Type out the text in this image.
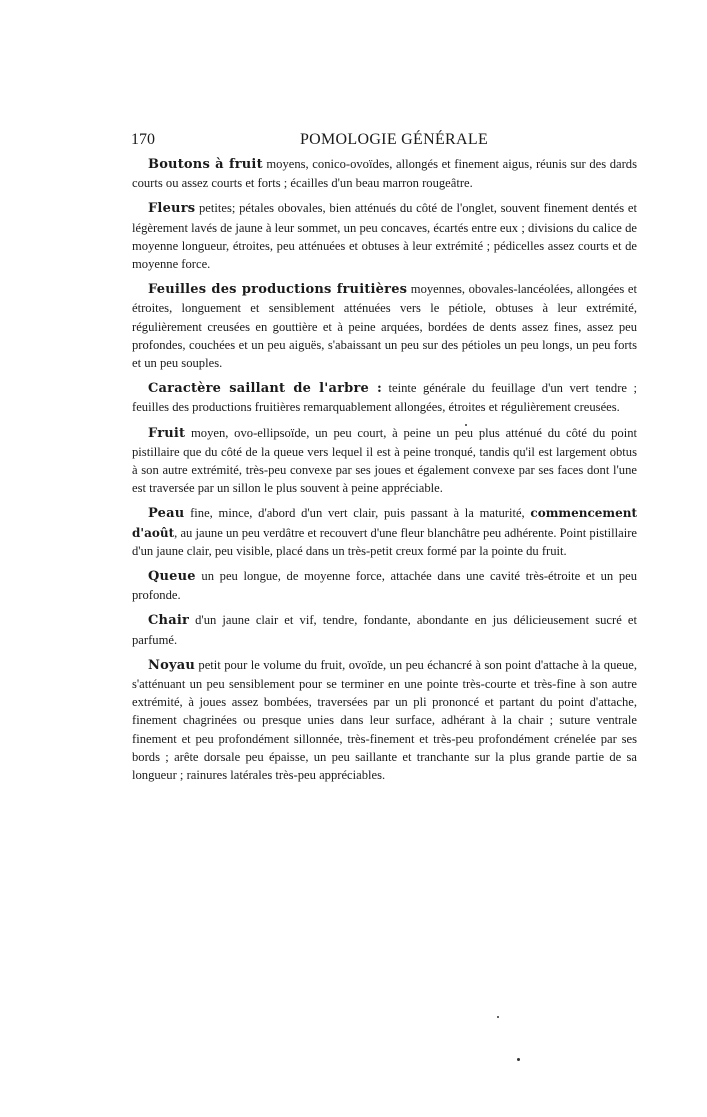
170	POMOLOGIE GÉNÉRALE

Boutons à fruit moyens, conico-ovoïdes, allongés et finement aigus, réunis sur des dards courts ou assez courts et forts ; écailles d'un beau marron rougeâtre.

Fleurs petites; pétales obovales, bien atténués du côté de l'onglet, souvent finement dentés et légèrement lavés de jaune à leur sommet, un peu concaves, écartés entre eux ; divisions du calice de moyenne longueur, étroites, peu atténuées et obtuses à leur extrémité ; pédicelles assez courts et de moyenne force.

Feuilles des productions fruitières moyennes, obovales-lancéolées, allongées et étroites, longuement et sensiblement atténuées vers le pétiole, obtuses à leur extrémité, régulièrement creusées en gouttière et à peine arquées, bordées de dents assez fines, assez peu profondes, couchées et un peu aiguës, s'abaissant un peu sur des pétioles un peu longs, un peu forts et un peu souples.

Caractère saillant de l'arbre : teinte générale du feuillage d'un vert tendre ; feuilles des productions fruitières remarquablement allongées, étroites et régulièrement creusées.

Fruit moyen, ovo-ellipsoïde, un peu court, à peine un peu plus atténué du côté du point pistillaire que du côté de la queue vers lequel il est à peine tronqué, tandis qu'il est largement obtus à son autre extrémité, très-peu convexe par ses joues et également convexe par ses faces dont l'une est traversée par un sillon le plus souvent à peine appréciable.

Peau fine, mince, d'abord d'un vert clair, puis passant à la maturité, commencement d'août, au jaune un peu verdâtre et recouvert d'une fleur blanchâtre peu adhérente. Point pistillaire d'un jaune clair, peu visible, placé dans un très-petit creux formé par la pointe du fruit.

Queue un peu longue, de moyenne force, attachée dans une cavité très-étroite et un peu profonde.

Chair d'un jaune clair et vif, tendre, fondante, abondante en jus délicieusement sucré et parfumé.

Noyau petit pour le volume du fruit, ovoïde, un peu échancré à son point d'attache à la queue, s'atténuant un peu sensiblement pour se terminer en une pointe très-courte et très-fine à son autre extrémité, à joues assez bombées, traversées par un pli prononcé et partant du point d'attache, finement chagrinées ou presque unies dans leur surface, adhérant à la chair ; suture ventrale finement et peu profondément sillonnée, très-finement et très-peu profondément crénelée par ses bords ; arête dorsale peu épaisse, un peu saillante et tranchante sur la plus grande partie de sa longueur ; rainures latérales très-peu appréciables.
